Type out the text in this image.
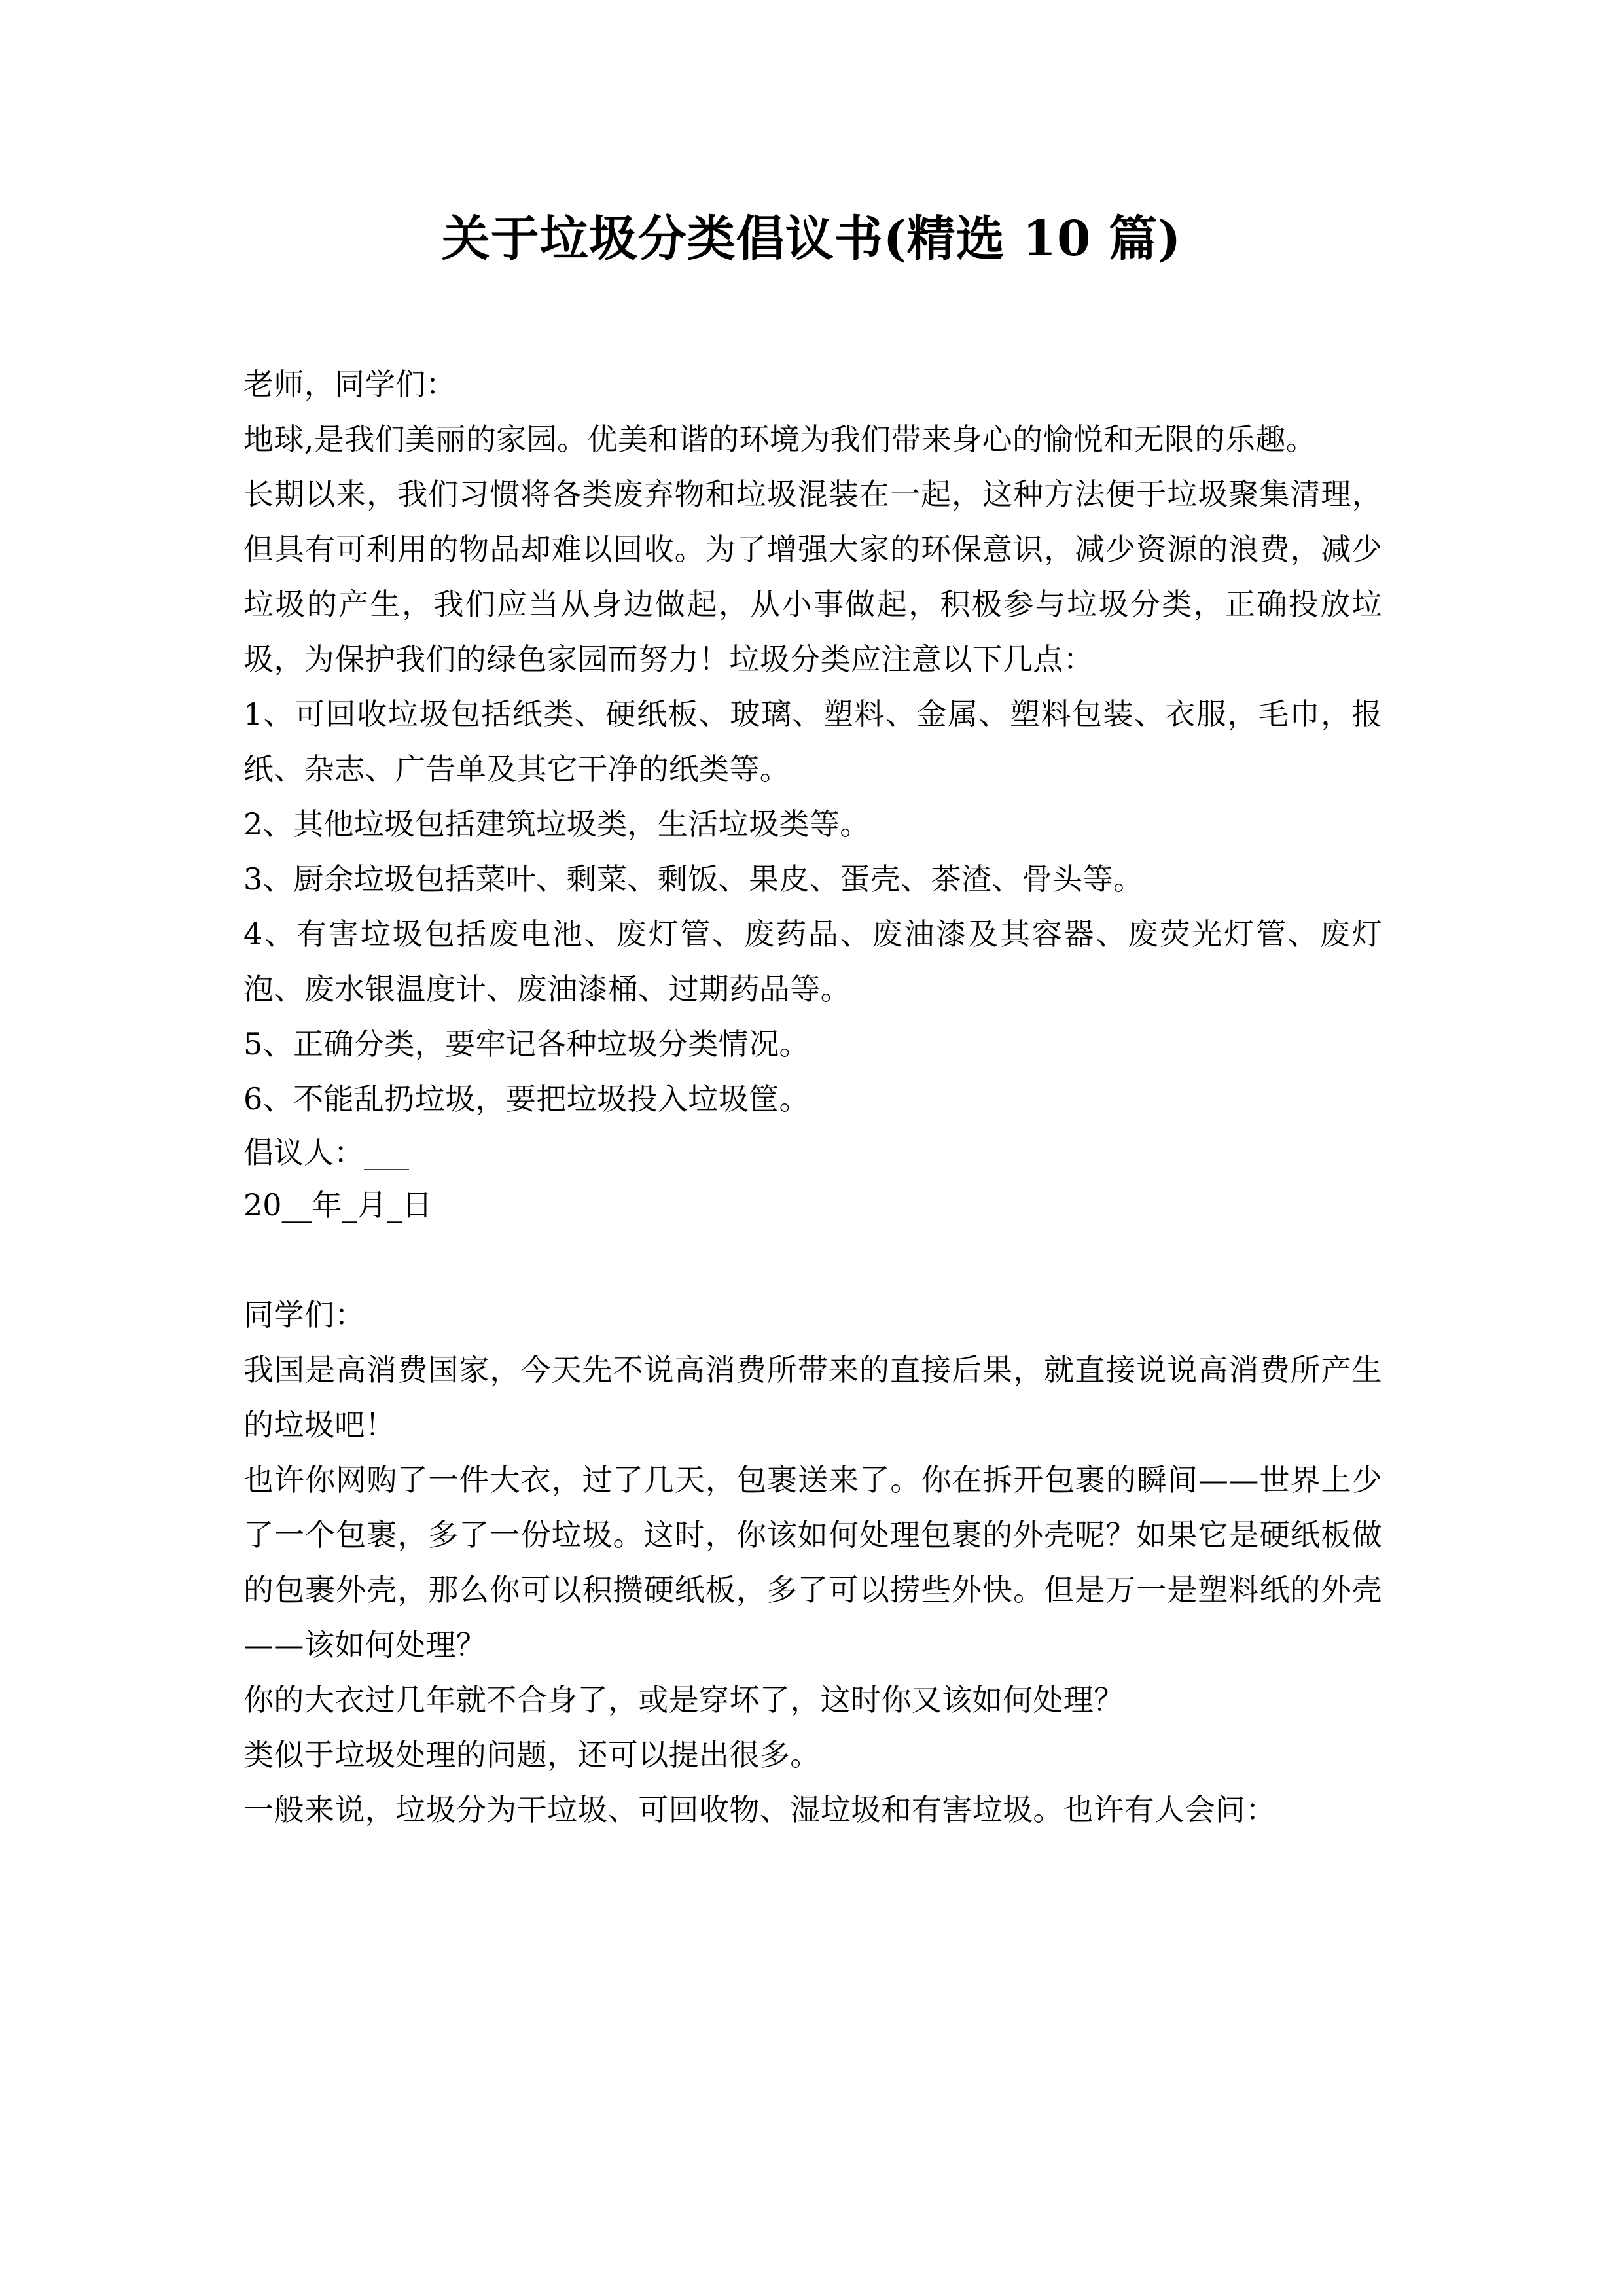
关于垃圾分类倡议书(精选 10 篇)

老师，同学们：

地球,是我们美丽的家园。优美和谐的环境为我们带来身心的愉悦和无限的乐趣。

长期以来，我们习惯将各类废弃物和垃圾混装在一起，这种方法便于垃圾聚集清理，但具有可利用的物品却难以回收。为了增强大家的环保意识，减少资源的浪费，减少垃圾的产生，我们应当从身边做起，从小事做起，积极参与垃圾分类，正确投放垃圾，为保护我们的绿色家园而努力！垃圾分类应注意以下几点：

1、可回收垃圾包括纸类、硬纸板、玻璃、塑料、金属、塑料包装、衣服，毛巾，报纸、杂志、广告单及其它干净的纸类等。

2、其他垃圾包括建筑垃圾类，生活垃圾类等。

3、厨余垃圾包括菜叶、剩菜、剩饭、果皮、蛋壳、茶渣、骨头等。

4、有害垃圾包括废电池、废灯管、废药品、废油漆及其容器、废荧光灯管、废灯泡、废水银温度计、废油漆桶、过期药品等。

5、正确分类，要牢记各种垃圾分类情况。

6、不能乱扔垃圾，要把垃圾投入垃圾筐。

倡议人：___
20__年_月_日

同学们：

我国是高消费国家，今天先不说高消费所带来的直接后果，就直接说说高消费所产生的垃圾吧！

也许你网购了一件大衣，过了几天，包裹送来了。你在拆开包裹的瞬间——世界上少了一个包裹，多了一份垃圾。这时，你该如何处理包裹的外壳呢？如果它是硬纸板做的包裹外壳，那么你可以积攒硬纸板，多了可以捞些外快。但是万一是塑料纸的外壳——该如何处理？

你的大衣过几年就不合身了，或是穿坏了，这时你又该如何处理？

类似于垃圾处理的问题，还可以提出很多。

一般来说，垃圾分为干垃圾、可回收物、湿垃圾和有害垃圾。也许有人会问：
